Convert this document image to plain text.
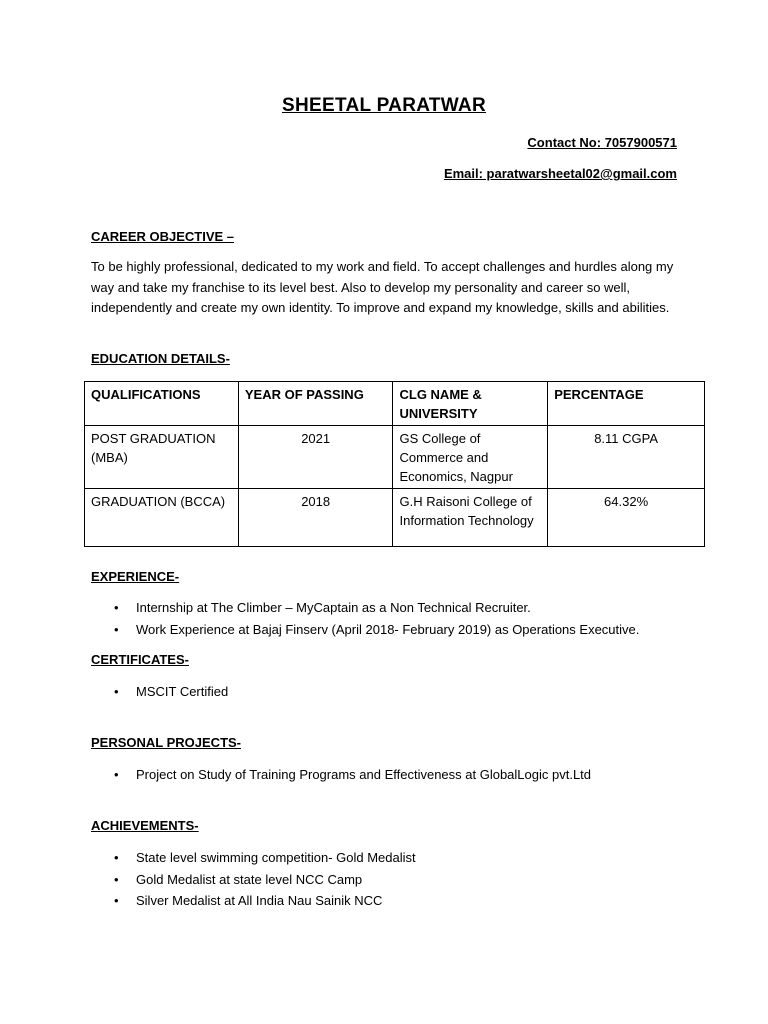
SHEETAL PARATWAR
Contact No: 7057900571
Email: paratwarsheetal02@gmail.com
CAREER OBJECTIVE –
To be highly professional, dedicated to my work and field. To accept challenges and hurdles along my way and take my franchise to its level best. Also to develop my personality and career so well, independently and create my own identity. To improve and expand my knowledge, skills and abilities.
EDUCATION DETAILS-
QUALIFICATIONS	YEAR OF PASSING	CLG NAME & UNIVERSITY	PERCENTAGE
POST GRADUATION (MBA)	2021	GS College of Commerce and Economics, Nagpur	8.11 CGPA
GRADUATION (BCCA)	2018	G.H Raisoni College of Information Technology	64.32%
EXPERIENCE-
• Internship at The Climber – MyCaptain as a Non Technical Recruiter.
• Work Experience at Bajaj Finserv (April 2018- February 2019) as Operations Executive.
CERTIFICATES-
• MSCIT Certified
PERSONAL PROJECTS-
• Project on Study of Training Programs and Effectiveness at GlobalLogic pvt.Ltd
ACHIEVEMENTS-
• State level swimming competition- Gold Medalist
• Gold Medalist at state level NCC Camp
• Silver Medalist at All India Nau Sainik NCC
